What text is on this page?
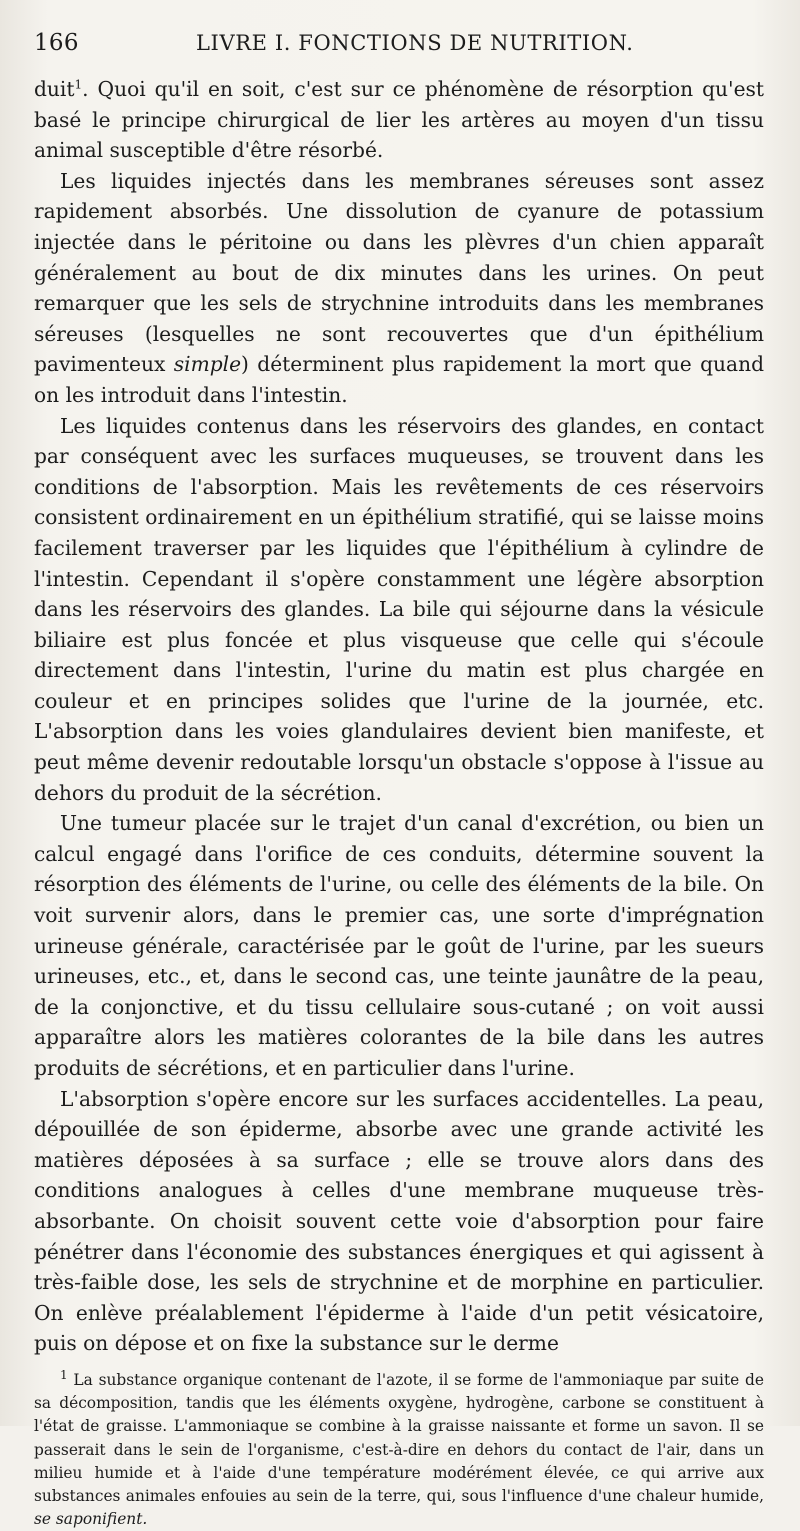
166	LIVRE I. FONCTIONS DE NUTRITION.

duit$^1$. Quoi qu'il en soit, c'est sur ce phénomène de résorption qu'est basé le principe chirurgical de lier les artères au moyen d'un tissu animal susceptible d'être résorbé.

Les liquides injectés dans les membranes séreuses sont assez rapidement absorbés. Une dissolution de cyanure de potassium injectée dans le péritoine ou dans les plèvres d'un chien apparaît généralement au bout de dix minutes dans les urines. On peut remarquer que les sels de strychnine introduits dans les membranes séreuses (lesquelles ne sont recouvertes que d'un épithélium pavimenteux simple) déterminent plus rapidement la mort que quand on les introduit dans l'intestin.

Les liquides contenus dans les réservoirs des glandes, en contact par conséquent avec les surfaces muqueuses, se trouvent dans les conditions de l'absorption. Mais les revêtements de ces réservoirs consistent ordinairement en un épithélium stratifié, qui se laisse moins facilement traverser par les liquides que l'épithélium à cylindre de l'intestin. Cependant il s'opère constamment une légère absorption dans les réservoirs des glandes. La bile qui séjourne dans la vésicule biliaire est plus foncée et plus visqueuse que celle qui s'écoule directement dans l'intestin, l'urine du matin est plus chargée en couleur et en principes solides que l'urine de la journée, etc. L'absorption dans les voies glandulaires devient bien manifeste, et peut même devenir redoutable lorsqu'un obstacle s'oppose à l'issue au dehors du produit de la sécrétion.

Une tumeur placée sur le trajet d'un canal d'excrétion, ou bien un calcul engagé dans l'orifice de ces conduits, détermine souvent la résorption des éléments de l'urine, ou celle des éléments de la bile. On voit survenir alors, dans le premier cas, une sorte d'imprégnation urineuse générale, caractérisée par le goût de l'urine, par les sueurs urineuses, etc., et, dans le second cas, une teinte jaunâtre de la peau, de la conjonctive, et du tissu cellulaire sous-cutané ; on voit aussi apparaître alors les matières colorantes de la bile dans les autres produits de sécrétions, et en particulier dans l'urine.

L'absorption s'opère encore sur les surfaces accidentelles. La peau, dépouillée de son épiderme, absorbe avec une grande activité les matières déposées à sa surface ; elle se trouve alors dans des conditions analogues à celles d'une membrane muqueuse très-absorbante. On choisit souvent cette voie d'absorption pour faire pénétrer dans l'économie des substances énergiques et qui agissent à très-faible dose, les sels de strychnine et de morphine en particulier. On enlève préalablement l'épiderme à l'aide d'un petit vésicatoire, puis on dépose et on fixe la substance sur le derme

$^1$ La substance organique contenant de l'azote, il se forme de l'ammoniaque par suite de sa décomposition, tandis que les éléments oxygène, hydrogène, carbone se constituent à l'état de graisse. L'ammoniaque se combine à la graisse naissante et forme un savon. Il se passerait dans le sein de l'organisme, c'est-à-dire en dehors du contact de l'air, dans un milieu humide et à l'aide d'une température modérément élevée, ce qui arrive aux substances animales enfouies au sein de la terre, qui, sous l'influence d'une chaleur humide, se saponifient.
